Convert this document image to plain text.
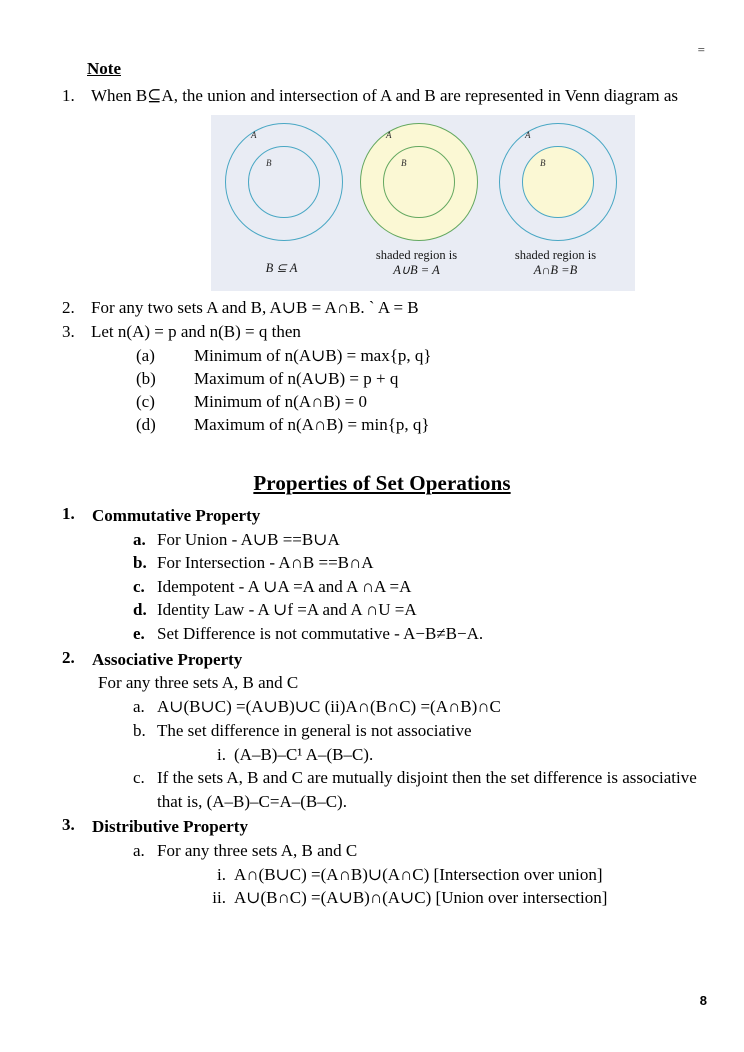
=
Note
1. When B⊆A, the union and intersection of A and B are represented in Venn diagram as
A
B
B ⊆ A
A
B
shaded region is
A∪B = A
A
B
shaded region is
A∩B =B
2. For any two sets A and B, A∪B = A∩B. ` A = B
3. Let n(A) = p and n(B) = q then
(a)	Minimum of n(A∪B) = max{p, q}
(b)	Maximum of n(A∪B) = p + q
(c)	Minimum of n(A∩B) = 0
(d)	Maximum of n(A∩B) = min{p, q}
Properties of Set Operations
1. Commutative Property
a. For Union - A∪B ==B∪A
b. For Intersection - A∩B ==B∩A
c. Idempotent - A ∪A =A and A ∩A =A
d. Identity Law - A ∪f =A and A ∩U =A
e. Set Difference is not commutative - A−B≠B−A.
2. Associative Property
For any three sets A, B and C
a. A∪(B∪C) =(A∪B)∪C (ii)A∩(B∩C) =(A∩B)∩C
b. The set difference in general is not associative
i. (A–B)–C¹ A–(B–C).
c. If the sets A, B and C are mutually disjoint then the set difference is associative that is, (A–B)–C=A–(B–C).
3. Distributive Property
a. For any three sets A, B and C
i. A∩(B∪C) =(A∩B)∪(A∩C) [Intersection over union]
ii. A∪(B∩C) =(A∪B)∩(A∪C) [Union over intersection]
8
